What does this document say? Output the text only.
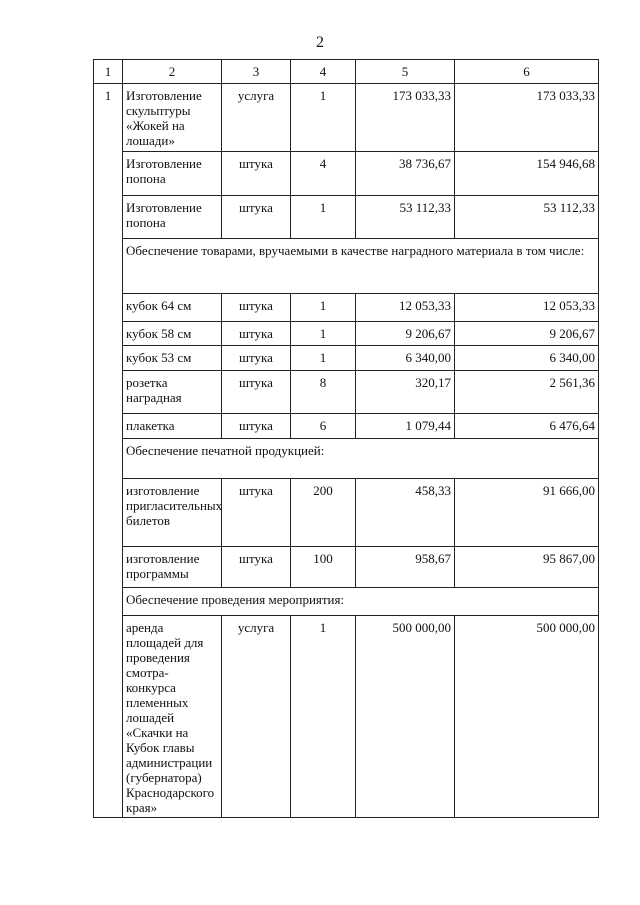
2
1	2	3	4	5	6
1	Изготовление скульптуры «Жокей на лошади»	услуга	1	173 033,33	173 033,33
	Изготовление попона	штука	4	38 736,67	154 946,68
	Изготовление попона	штука	1	53 112,33	53 112,33
	Обеспечение товарами, вручаемыми в качестве наградного материала в том числе:				
	кубок 64 см	штука	1	12 053,33	12 053,33
	кубок 58 см	штука	1	9 206,67	9 206,67
	кубок 53 см	штука	1	6 340,00	6 340,00
	розетка наградная	штука	8	320,17	2 561,36
	плакетка	штука	6	1 079,44	6 476,64
	Обеспечение печатной продукцией:				
	изготовление пригласительных билетов	штука	200	458,33	91 666,00
	изготовление программы	штука	100	958,67	95 867,00
	Обеспечение проведения мероприятия:				
	аренда площадей для проведения смотра-конкурса племенных лошадей «Скачки на Кубок главы администрации (губернатора) Краснодарского края»	услуга	1	500 000,00	500 000,00
